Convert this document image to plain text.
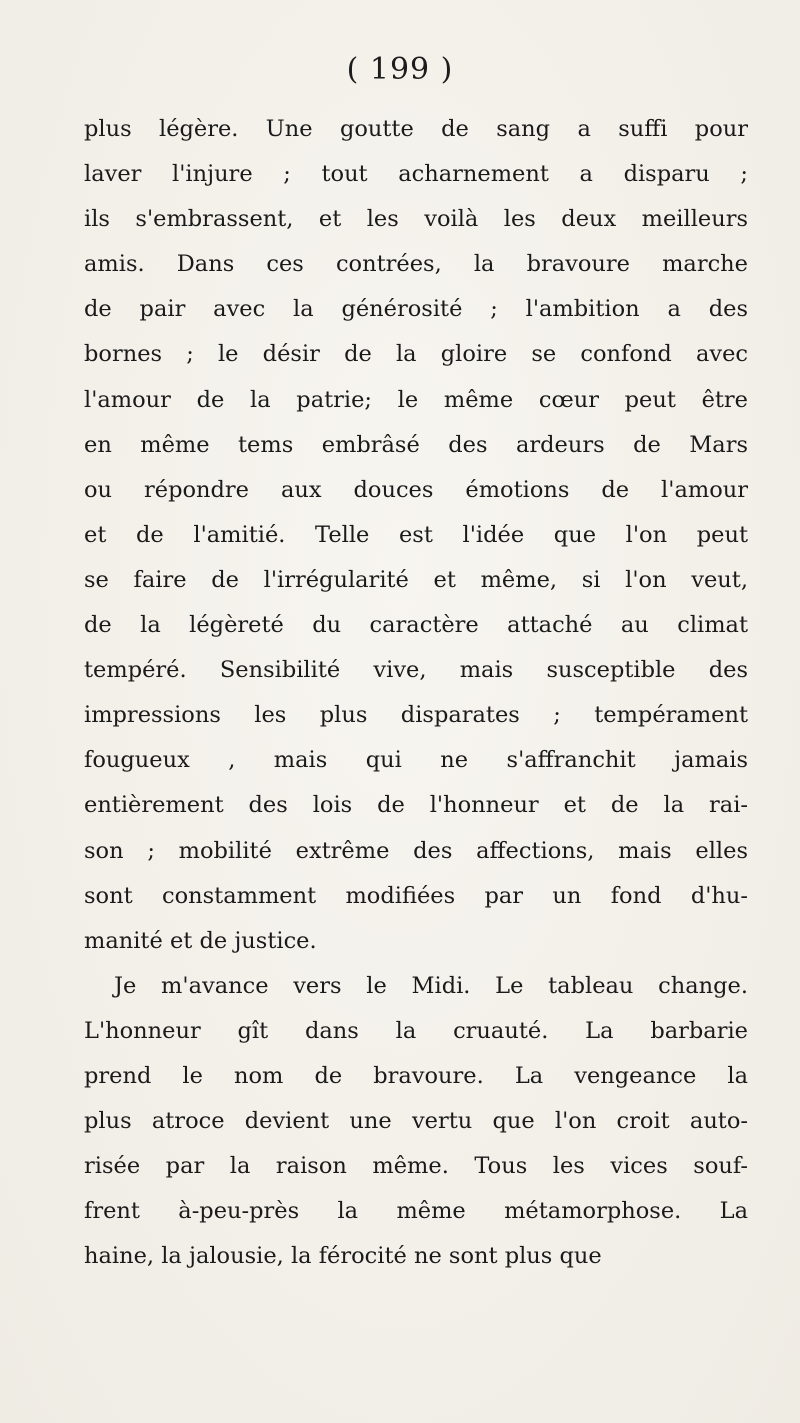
( 199 )
plus légère. Une goutte de sang a suffi pour
laver l'injure ; tout acharnement a disparu ;
ils s'embrassent, et les voilà les deux meilleurs
amis. Dans ces contrées, la bravoure marche
de pair avec la générosité ; l'ambition a des
bornes ; le désir de la gloire se confond avec
l'amour de la patrie; le même cœur peut être
en même tems embrâsé des ardeurs de Mars
ou répondre aux douces émotions de l'amour
et de l'amitié. Telle est l'idée que l'on peut
se faire de l'irrégularité et même, si l'on veut,
de la légèreté du caractère attaché au climat
tempéré. Sensibilité vive, mais susceptible des
impressions les plus disparates ; tempérament
fougueux , mais qui ne s'affranchit jamais
entièrement des lois de l'honneur et de la rai-
son ; mobilité extrême des affections, mais elles
sont constamment modifiées par un fond d'hu-
manité et de justice.
Je m'avance vers le Midi. Le tableau change.
L'honneur gît dans la cruauté. La barbarie
prend le nom de bravoure. La vengeance la
plus atroce devient une vertu que l'on croit auto-
risée par la raison même. Tous les vices souf-
frent à-peu-près la même métamorphose. La
haine, la jalousie, la férocité ne sont plus que
